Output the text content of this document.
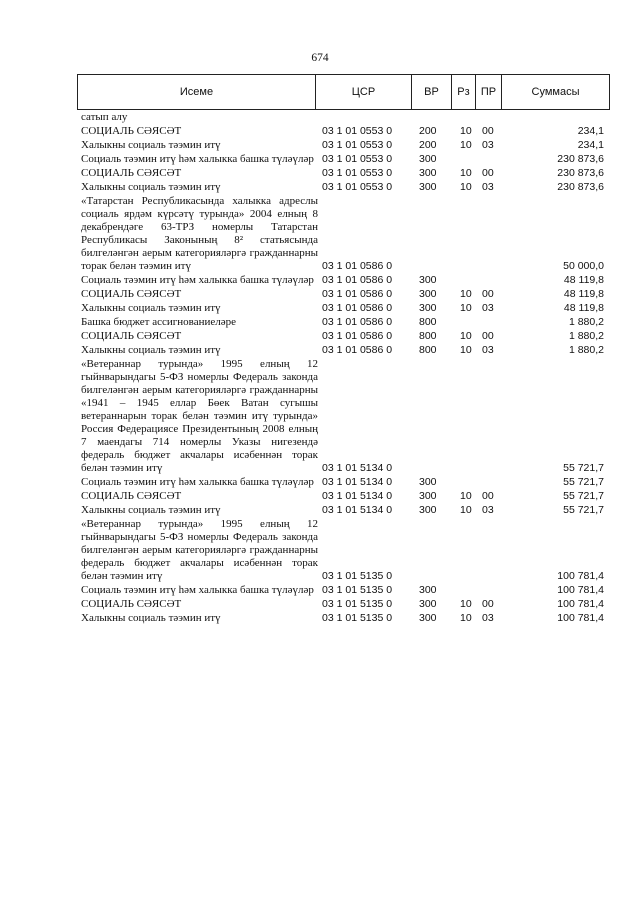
674
Исеме	ЦСР	ВР	Рз	ПР	Суммасы
сатып алу
СОЦИАЛЬ СӘЯСӘТ	03 1 01 0553 0	200 10 00	234,1
Халыкны социаль тәэмин итү	03 1 01 0553 0	200 10 03	234,1
Социаль тәэмин итү һәм халыкка башка түләүләр 03 1 01 0553 0	300	230 873,6
СОЦИАЛЬ СӘЯСӘТ	03 1 01 0553 0	300 10 00	230 873,6
Халыкны социаль тәэмин итү	03 1 01 0553 0	300 10 03	230 873,6
«Татарстан Республикасында халыкка адреслы социаль ярдәм күрсәтү турында» 2004 елның 8 декабрендәге 63-ТРЗ номерлы Татарстан Республикасы Законының 8² статьясында билгеләнгән аерым категорияләргә гражданнарны торак белән тәэмин итү	03 1 01 0586 0	50 000,0
Социаль тәэмин итү һәм халыкка башка түләүләр 03 1 01 0586 0	300	48 119,8
СОЦИАЛЬ СӘЯСӘТ	03 1 01 0586 0	300 10 00	48 119,8
Халыкны социаль тәэмин итү	03 1 01 0586 0	300 10 03	48 119,8
Башка бюджет ассигнованиеләре	03 1 01 0586 0	800	1 880,2
СОЦИАЛЬ СӘЯСӘТ	03 1 01 0586 0	800 10 00	1 880,2
Халыкны социаль тәэмин итү	03 1 01 0586 0	800 10 03	1 880,2
«Ветераннар турында» 1995 елның 12 гыйнварындагы 5-ФЗ номерлы Федераль законда билгеләнгән аерым категорияләргә гражданнарны «1941 – 1945 еллар Бөек Ватан сугышы ветераннарын торак белән тәэмин итү турында» Россия Федерациясе Президентының 2008 елның 7 маендагы 714 номерлы Указы нигезендә федераль бюджет акчалары исәбеннән торак белән тәэмин итү	03 1 01 5134 0	55 721,7
Социаль тәэмин итү һәм халыкка башка түләүләр 03 1 01 5134 0	300	55 721,7
СОЦИАЛЬ СӘЯСӘТ	03 1 01 5134 0	300 10 00	55 721,7
Халыкны социаль тәэмин итү	03 1 01 5134 0	300 10 03	55 721,7
«Ветераннар турында» 1995 елның 12 гыйнварындагы 5-ФЗ номерлы Федераль законда билгеләнгән аерым категорияләргә гражданнарны федераль бюджет акчалары исәбеннән торак белән тәэмин итү	03 1 01 5135 0	100 781,4
Социаль тәэмин итү һәм халыкка башка түләүләр 03 1 01 5135 0	300	100 781,4
СОЦИАЛЬ СӘЯСӘТ	03 1 01 5135 0	300 10 00	100 781,4
Халыкны социаль тәэмин итү	03 1 01 5135 0	300 10 03	100 781,4
